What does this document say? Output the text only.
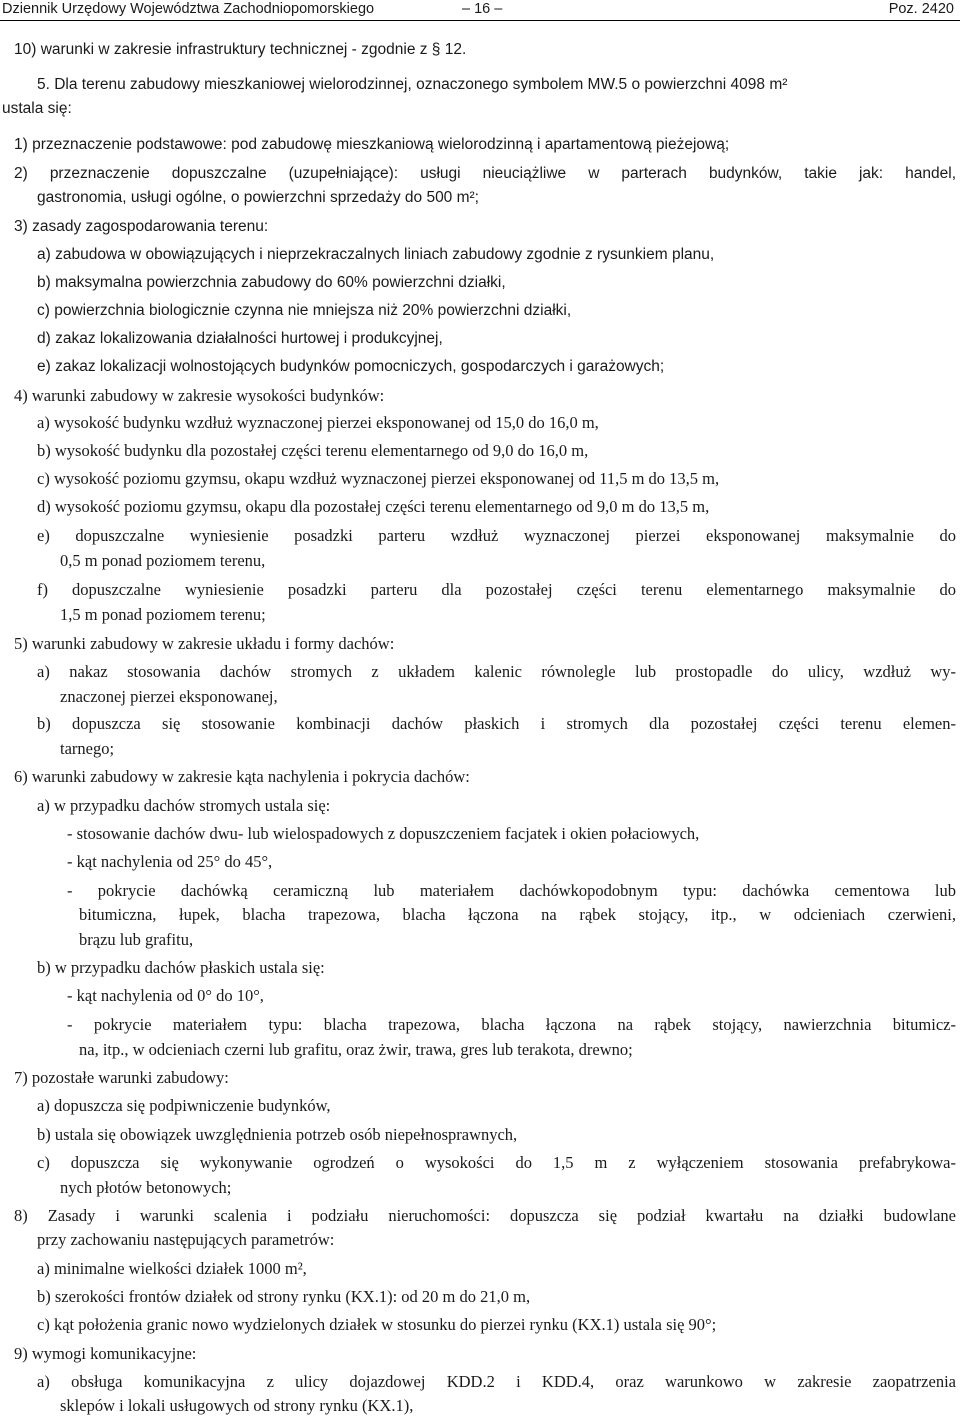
Dziennik Urzędowy Województwa Zachodniopomorskiego	– 16 –	Poz. 2420
10) warunki w zakresie infrastruktury technicznej - zgodnie z § 12.
5. Dla terenu zabudowy mieszkaniowej wielorodzinnej, oznaczonego symbolem MW.5 o powierzchni 4098 m²
ustala się:
1) przeznaczenie podstawowe: pod zabudowę mieszkaniową wielorodzinną i apartamentową pieżejową;
2) przeznaczenie dopuszczalne (uzupełniające): usługi nieuciążliwe w parterach budynków, takie jak: handel,
gastronomia, usługi ogólne, o powierzchni sprzedaży do 500 m²;
3) zasady zagospodarowania terenu:
a) zabudowa w obowiązujących i nieprzekraczalnych liniach zabudowy zgodnie z rysunkiem planu,
b) maksymalna powierzchnia zabudowy do 60% powierzchni działki,
c) powierzchnia biologicznie czynna nie mniejsza niż 20% powierzchni działki,
d) zakaz lokalizowania działalności hurtowej i produkcyjnej,
e) zakaz lokalizacji wolnostojących budynków pomocniczych, gospodarczych i garażowych;
4) warunki zabudowy w zakresie wysokości budynków:
a) wysokość budynku wzdłuż wyznaczonej pierzei eksponowanej od 15,0 do 16,0 m,
b) wysokość budynku dla pozostałej części terenu elementarnego od 9,0 do 16,0 m,
c) wysokość poziomu gzymsu, okapu wzdłuż wyznaczonej pierzei eksponowanej od 11,5 m do 13,5 m,
d) wysokość poziomu gzymsu, okapu dla pozostałej części terenu elementarnego od 9,0 m do 13,5 m,
e) dopuszczalne wyniesienie posadzki parteru wzdłuż wyznaczonej pierzei eksponowanej maksymalnie do
0,5 m ponad poziomem terenu,
f) dopuszczalne wyniesienie posadzki parteru dla pozostałej części terenu elementarnego maksymalnie do
1,5 m ponad poziomem terenu;
5) warunki zabudowy w zakresie układu i formy dachów:
a) nakaz stosowania dachów stromych z układem kalenic równolegle lub prostopadle do ulicy, wzdłuż wy-
znaczonej pierzei eksponowanej,
b) dopuszcza się stosowanie kombinacji dachów płaskich i stromych dla pozostałej części terenu elemen-
tarnego;
6) warunki zabudowy w zakresie kąta nachylenia i pokrycia dachów:
a) w przypadku dachów stromych ustala się:
- stosowanie dachów dwu- lub wielospadowych z dopuszczeniem facjatek i okien połaciowych,
- kąt nachylenia od 25° do 45°,
- pokrycie dachówką ceramiczną lub materiałem dachówkopodobnym typu: dachówka cementowa lub
bitumiczna, łupek, blacha trapezowa, blacha łączona na rąbek stojący, itp., w odcieniach czerwieni,
brązu lub grafitu,
b) w przypadku dachów płaskich ustala się:
- kąt nachylenia od 0° do 10°,
- pokrycie materiałem typu: blacha trapezowa, blacha łączona na rąbek stojący, nawierzchnia bitumicz-
na, itp., w odcieniach czerni lub grafitu, oraz żwir, trawa, gres lub terakota, drewno;
7) pozostałe warunki zabudowy:
a) dopuszcza się podpiwniczenie budynków,
b) ustala się obowiązek uwzględnienia potrzeb osób niepełnosprawnych,
c) dopuszcza się wykonywanie ogrodzeń o wysokości do 1,5 m z wyłączeniem stosowania prefabrykowa-
nych płotów betonowych;
8) Zasady i warunki scalenia i podziału nieruchomości: dopuszcza się podział kwartału na działki budowlane
przy zachowaniu następujących parametrów:
a) minimalne wielkości działek 1000 m²,
b) szerokości frontów działek od strony rynku (KX.1): od 20 m do 21,0 m,
c) kąt położenia granic nowo wydzielonych działek w stosunku do pierzei rynku (KX.1) ustala się 90°;
9) wymogi komunikacyjne:
a) obsługa komunikacyjna z ulicy dojazdowej KDD.2 i KDD.4, oraz warunkowo w zakresie zaopatrzenia
sklepów i lokali usługowych od strony rynku (KX.1),
